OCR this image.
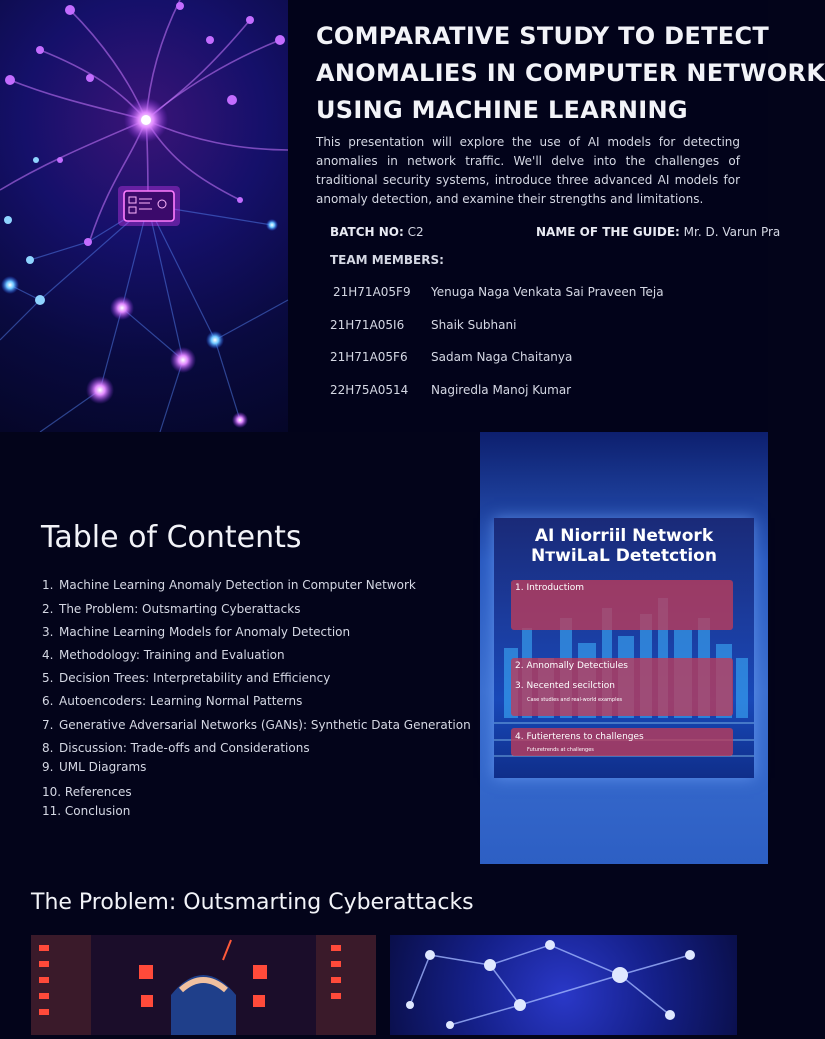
COMPARATIVE STUDY TO DETECT
ANOMALIES IN COMPUTER NETWORK
USING MACHINE LEARNING

This presentation will explore the use of AI models for detecting anomalies in network traffic. We'll delve into the challenges of traditional security systems, introduce three advanced AI models for anomaly detection, and examine their strengths and limitations.

BATCH NO: C2	NAME OF THE GUIDE: Mr. D. Varun Pra
TEAM MEMBERS:
21H71A05F9 Yenuga Naga Venkata Sai Praveen Teja
21H71A05I6 Shaik Subhani
21H71A05F6 Sadam Naga Chaitanya
22H75A0514 Nagiredla Manoj Kumar
Table of Contents
1. Machine Learning Anomaly Detection in Computer Network
2. The Problem: Outsmarting Cyberattacks
3. Machine Learning Models for Anomaly Detection
4. Methodology: Training and Evaluation
5. Decision Trees: Interpretability and Efficiency
6. Autoencoders: Learning Normal Patterns
7. Generative Adversarial Networks (GANs): Synthetic Data Generation
8. Discussion: Trade-offs and Considerations
9. UML Diagrams
10. References
11. Conclusion
AI Niorriil Network
NтwiLaL Detetction
1. Introductiom
2. Annomally Detectiules
3. Necented secilction
Case studies and real-world examples
4. Futierterens to challenges
Futuretrends at challenges
The Problem: Outsmarting Cyberattacks
